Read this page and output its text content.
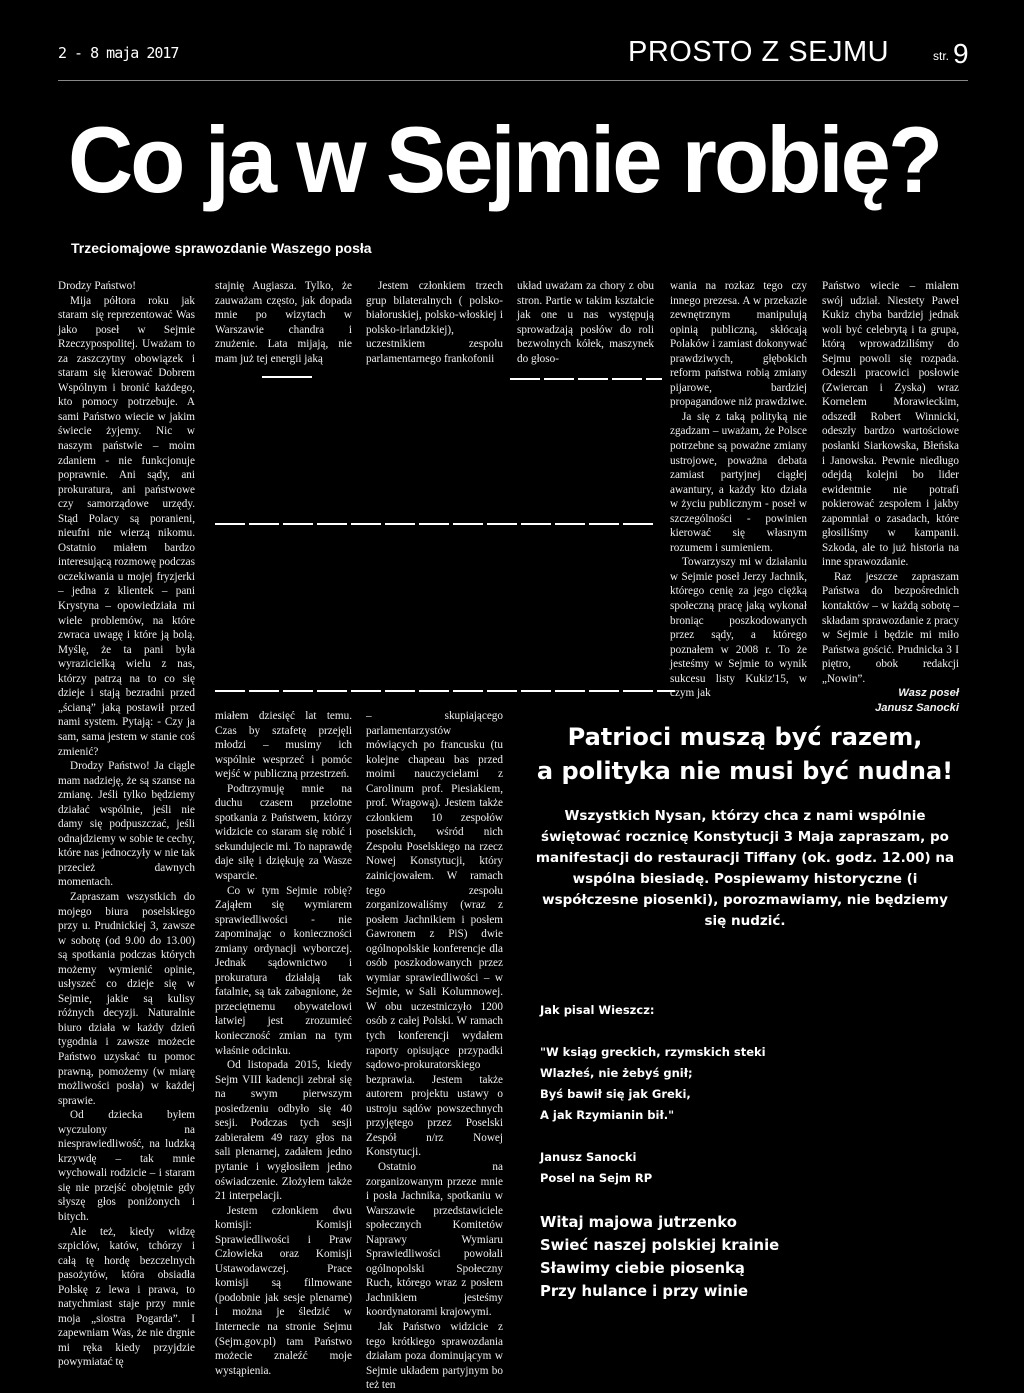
2 - 8 maja 2017	PROSTO Z SEJMU	str. 9
Co ja w Sejmie robię?
Trzeciomajowe sprawozdanie Waszego posła

Drodzy Państwo!

Mija półtora roku jak staram się reprezentować Was jako poseł w Sejmie Rzeczypospolitej. Uważam to za zaszczytny obowiązek i staram się kierować Dobrem Wspólnym i bronić każdego, kto pomocy potrzebuje. A sami Państwo wiecie w jakim świecie żyjemy. Nic w naszym państwie – moim zdaniem - nie funkcjonuje poprawnie. Ani sądy, ani prokuratura, ani państwowe czy samorządowe urzędy. Stąd Polacy są poranieni, nieufni nie wierzą nikomu. Ostatnio miałem bardzo interesującą rozmowę podczas oczekiwania u mojej fryzjerki – jedna z klientek – pani Krystyna – opowiedziała mi wiele problemów, na które zwraca uwagę i które ją bolą. Myślę, że ta pani była wyrazicielką wielu z nas, którzy patrzą na to co się dzieje i stają bezradni przed „ścianą” jaką postawił przed nami system. Pytają: - Czy ja sam, sama jestem w stanie coś zmienić?

Drodzy Państwo! Ja ciągle mam nadzieję, że są szanse na zmianę. Jeśli tylko będziemy działać wspólnie, jeśli nie damy się podpuszczać, jeśli odnajdziemy w sobie te cechy, które nas jednoczyły w nie tak przecież dawnych momentach.

Zapraszam wszystkich do mojego biura poselskiego przy u. Prudnickiej 3, zawsze w sobotę (od 9.00 do 13.00) są spotkania podczas których możemy wymienić opinie, usłyszeć co dzieje się w Sejmie, jakie są kulisy różnych decyzji. Naturalnie biuro działa w każdy dzień tygodnia i zawsze możecie Państwo uzyskać tu pomoc prawną, pomożemy (w miarę możliwości posła) w każdej sprawie.

Od dziecka byłem wyczulony na niesprawiedliwość, na ludzką krzywdę – tak mnie wychowali rodzicie – i staram się nie przejść obojętnie gdy słyszę głos poniżonych i bitych.

Ale też, kiedy widzę szpiclów, katów, tchórzy i całą tę hordę bezczelnych pasożytów, która obsiadła Polskę z lewa i prawa, to natychmiast staje przy mnie moja „siostra Pogarda”. I zapewniam Was, że nie drgnie mi ręka kiedy przyjdzie powymiatać tę

stajnię Augiasza. Tylko, że zauważam często, jak dopada mnie po wizytach w Warszawie chandra i znużenie. Lata mijają, nie mam już tej energii jaką

miałem dziesięć lat temu. Czas by sztafetę przejęli młodzi – musimy ich wspólnie wesprzeć i pomóc wejść w publiczną przestrzeń.

Podtrzymuję mnie na duchu czasem przelotne spotkania z Państwem, którzy widzicie co staram się robić i sekundujecie mi. To naprawdę daje siłę i dziękuję za Wasze wsparcie.

Co w tym Sejmie robię? Zająłem się wymiarem sprawiedliwości - nie zapominając o konieczności zmiany ordynacji wyborczej. Jednak sądownictwo i prokuratura działają tak fatalnie, są tak zabagnione, że przeciętnemu obywatelowi łatwiej jest zrozumieć konieczność zmian na tym właśnie odcinku.

Od listopada 2015, kiedy Sejm VIII kadencji zebrał się na swym pierwszym posiedzeniu odbyło się 40 sesji. Podczas tych sesji zabierałem 49 razy głos na sali plenarnej, zadałem jedno pytanie i wygłosiłem jedno oświadczenie. Złożyłem także 21 interpelacji.

Jestem członkiem dwu komisji: Komisji Sprawiedliwości i Praw Człowieka oraz Komisji Ustawodawczej. Prace komisji są filmowane (podobnie jak sesje plenarne) i można je śledzić w Internecie na stronie Sejmu (Sejm.gov.pl) tam Państwo możecie znaleźć moje wystąpienia.

Jestem członkiem trzech grup bilateralnych ( polsko-białoruskiej, polsko-włoskiej i polsko-irlandzkiej), uczestnikiem zespołu parlamentarnego frankofonii

– skupiającego parlamentarzystów mówiących po francusku (tu kolejne chapeau bas przed moimi nauczycielami z Carolinum prof. Piesiakiem, prof. Wragową). Jestem także członkiem 10 zespołów poselskich, wśród nich Zespołu Poselskiego na rzecz Nowej Konstytucji, który zainicjowałem. W ramach tego zespołu zorganizowaliśmy (wraz z posłem Jachnikiem i posłem Gawronem z PiS) dwie ogólnopolskie konferencje dla osób poszkodowanych przez wymiar sprawiedliwości – w Sejmie, w Sali Kolumnowej. W obu uczestniczyło 1200 osób z całej Polski. W ramach tych konferencji wydałem raporty opisujące przypadki sądowo-prokuratorskiego bezprawia. Jestem także autorem projektu ustawy o ustroju sądów powszechnych przyjętego przez Poselski Zespół n/rz Nowej Konstytucji.

Ostatnio na zorganizowanym przeze mnie i posła Jachnika, spotkaniu w Warszawie przedstawiciele społecznych Komitetów Naprawy Wymiaru Sprawiedliwości powołali ogólnopolski Społeczny Ruch, którego wraz z posłem Jachnikiem jesteśmy koordynatorami krajowymi.

Jak Państwo widzicie z tego krótkiego sprawozdania działam poza dominującym w Sejmie układem partyjnym bo też ten

układ uważam za chory z obu stron. Partie w takim kształcie jak one u nas występują sprowadzają posłów do roli bezwolnych kółek, maszynek do głoso-

wania na rozkaz tego czy innego prezesa. A w przekazie zewnętrznym manipulują opinią publiczną, skłócają Polaków i zamiast dokonywać prawdziwych, głębokich reform państwa robią zmiany pijarowe, bardziej propagandowe niż prawdziwe.

Ja się z taką polityką nie zgadzam – uważam, że Polsce potrzebne są poważne zmiany ustrojowe, poważna debata zamiast partyjnej ciągłej awantury, a każdy kto działa w życiu publicznym - poseł w szczególności - powinien kierować się własnym rozumem i sumieniem.

Towarzyszy mi w działaniu w Sejmie poseł Jerzy Jachnik, którego cenię za jego ciężką społeczną pracę jaką wykonał broniąc poszkodowanych przez sądy, a którego poznałem w 2008 r. To że jesteśmy w Sejmie to wynik sukcesu listy Kukiz'15, w czym jak

Państwo wiecie – miałem swój udział. Niestety Paweł Kukiz chyba bardziej jednak woli być celebrytą i ta grupa, którą wprowadziliśmy do Sejmu powoli się rozpada. Odeszli pracowici posłowie (Zwiercan i Zyska) wraz Kornelem Morawieckim, odszedł Robert Winnicki, odeszły bardzo wartościowe posłanki Siarkowska, Błeńska i Janowska. Pewnie niedługo odejdą kolejni bo lider ewidentnie nie potrafi pokierować zespołem i jakby zapomniał o zasadach, które głosiliśmy w kampanii. Szkoda, ale to już historia na inne sprawozdanie.

Raz jeszcze zapraszam Państwa do bezpośrednich kontaktów – w każdą sobotę – składam sprawozdanie z pracy w Sejmie i będzie mi miło Państwa gościć. Prudnicka 3 I piętro, obok redakcji „Nowin”.

Wasz poseł

Janusz Sanocki

Patrioci muszą być razem,

a polityka nie musi być nudna!

Wszystkich Nysan, którzy chca z nami wspólnie świętować rocznicę Konstytucji 3 Maja zapraszam, po manifestacji do restauracji Tiffany (ok. godz. 12.00) na wspólna biesiadę. Pospiewamy historyczne (i współczesne piosenki), porozmawiamy, nie będziemy się nudzić.

Jak pisal Wieszcz:

"W ksiąg greckich, rzymskich steki

Wlazłeś, nie żebyś gnił;

Byś bawił się jak Greki,

A jak Rzymianin bił."

Janusz Sanocki

Posel na Sejm RP

Witaj majowa jutrzenko

Swieć naszej polskiej krainie

Sławimy ciebie piosenką

Przy hulance i przy winie
